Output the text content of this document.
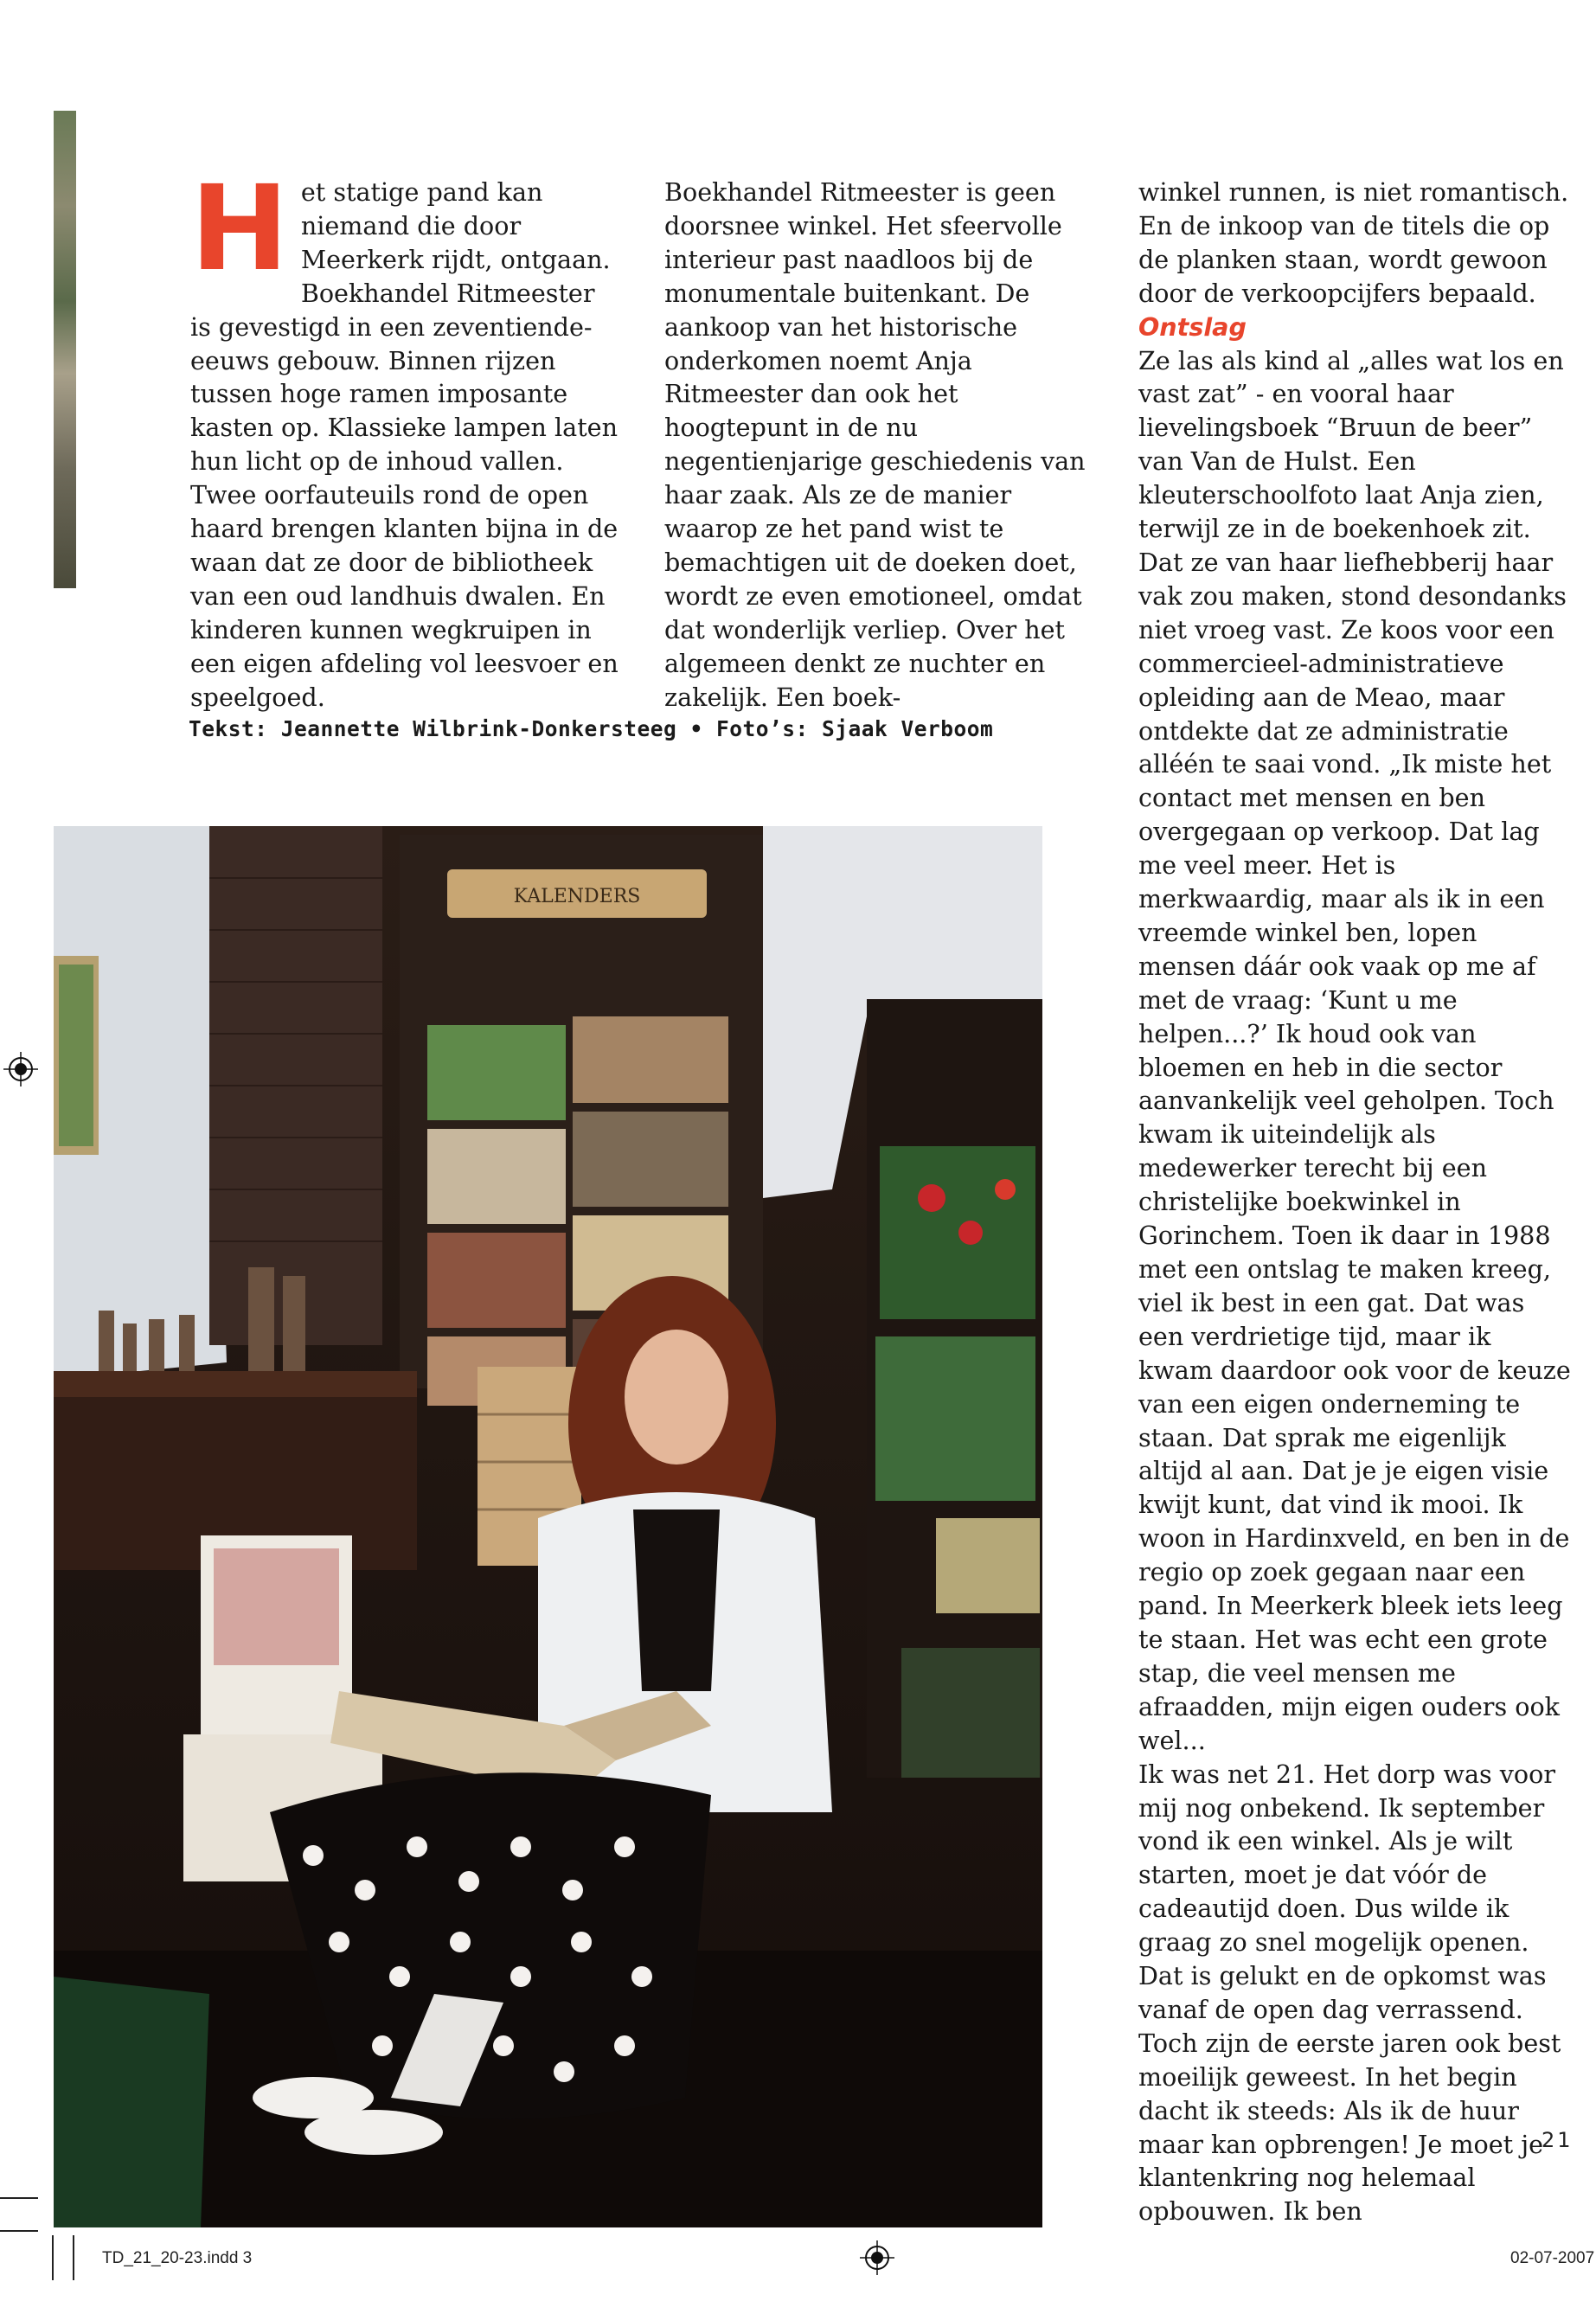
H et statige pand kan niemand die door Meerkerk rijdt, ontgaan. Boekhandel Ritmeester is gevestigd in een zeventiende-eeuws gebouw. Binnen rijzen tussen hoge ramen imposante kasten op. Klassieke lampen laten hun licht op de inhoud vallen. Twee oorfauteuils rond de open haard brengen klanten bijna in de waan dat ze door de bibliotheek van een oud landhuis dwalen. En kinderen kunnen wegkruipen in een eigen afdeling vol leesvoer en speelgoed.

Boekhandel Ritmeester is geen doorsnee winkel. Het sfeervolle interieur past naadloos bij de monumentale buitenkant. De aankoop van het historische onderkomen noemt Anja Ritmeester dan ook het hoogtepunt in de nu negentienjarige geschiedenis van haar zaak. Als ze de manier waarop ze het pand wist te bemachtigen uit de doeken doet, wordt ze even emotioneel, omdat dat wonderlijk verliep. Over het algemeen denkt ze nuchter en zakelijk. Een boek-

winkel runnen, is niet romantisch. En de inkoop van de titels die op de planken staan, wordt gewoon door de verkoopcijfers bepaald.

Ontslag

Ze las als kind al „alles wat los en vast zat” - en vooral haar lievelingsboek “Bruun de beer” van Van de Hulst. Een kleuterschoolfoto laat Anja zien, terwijl ze in de boekenhoek zit.

Dat ze van haar liefhebberij haar vak zou maken, stond desondanks niet vroeg vast. Ze koos voor een commercieel-administratieve opleiding aan de Meao, maar ontdekte dat ze administratie alléén te saai vond. „Ik miste het contact met mensen en ben overgegaan op verkoop. Dat lag me veel meer. Het is merkwaardig, maar als ik in een vreemde winkel ben, lopen mensen dáár ook vaak op me af met de vraag: ‘Kunt u me helpen...?’ Ik houd ook van bloemen en heb in die sector aanvankelijk veel geholpen. Toch kwam ik uiteindelijk als medewerker terecht bij een christelijke boekwinkel in Gorinchem. Toen ik daar in 1988 met een ontslag te maken kreeg, viel ik best in een gat. Dat was een verdrietige tijd, maar ik kwam daardoor ook voor de keuze van een eigen onderneming te staan. Dat sprak me eigenlijk altijd al aan. Dat je je eigen visie kwijt kunt, dat vind ik mooi. Ik woon in Hardinxveld, en ben in de regio op zoek gegaan naar een pand. In Meerkerk bleek iets leeg te staan. Het was echt een grote stap, die veel mensen me afraadden, mijn eigen ouders ook wel...

Ik was net 21. Het dorp was voor mij nog onbekend. Ik september vond ik een winkel. Als je wilt starten, moet je dat vóór de cadeautijd doen. Dus wilde ik graag zo snel mogelijk openen. Dat is gelukt en de opkomst was vanaf de open dag verrassend.

Toch zijn de eerste jaren ook best moeilijk geweest. In het begin dacht ik steeds: Als ik de huur maar kan opbrengen! Je moet je klantenkring nog helemaal opbouwen. Ik ben

Tekst: Jeannette Wilbrink-Donkersteeg • Foto’s: Sjaak Verboom
KALENDERS
21
TD_21_20-23.indd 3	02-07-2007
